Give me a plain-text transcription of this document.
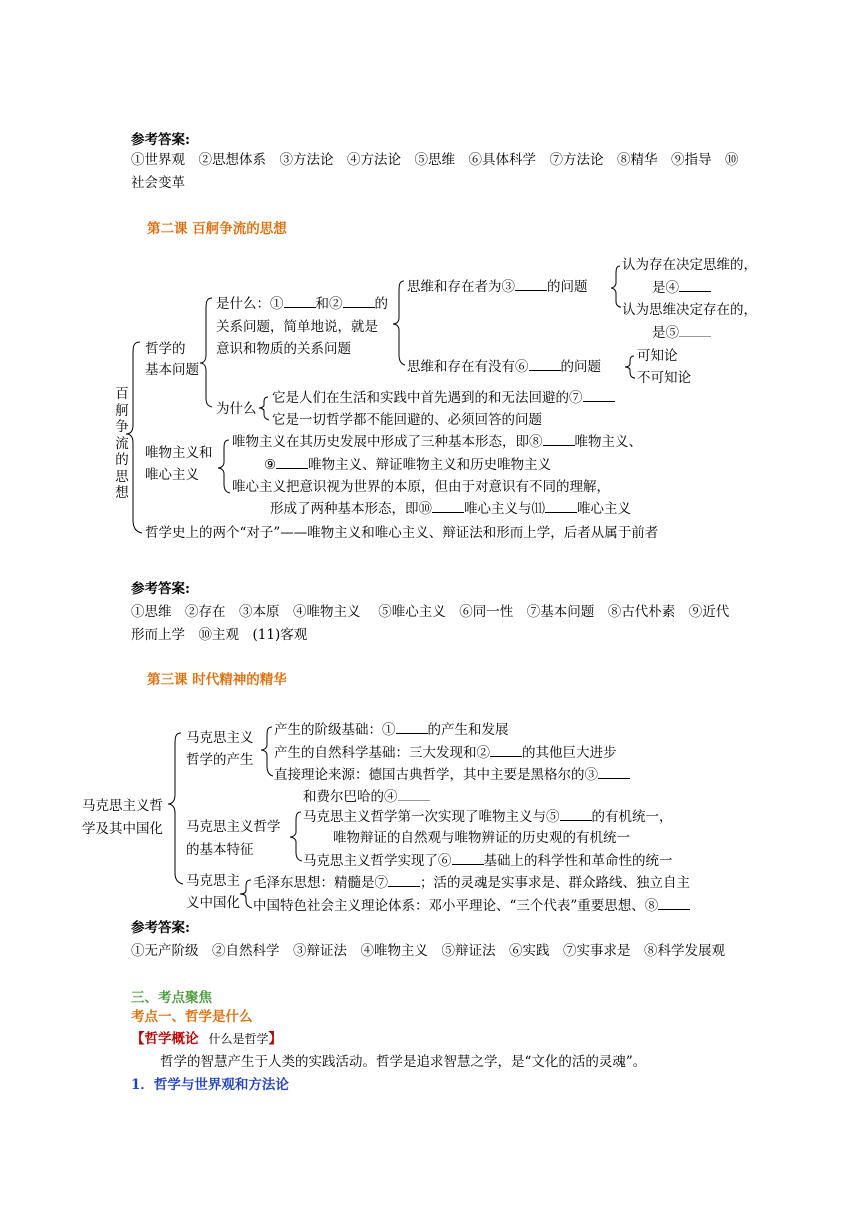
参考答案:
①世界观　②思想体系　③方法论　④方法论　⑤思维　⑥具体科学　⑦方法论　⑧精华　⑨指导　⑩
社会变革
第二课 百舸争流的思想
百舸争流的思想
哲学的
基本问题
是什么：① 和② 的
关系问题，简单地说，就是
意识和物质的关系问题
思维和存在者为③ 的问题
认为存在决定思维的，
是④
认为思维决定存在的，
是⑤
思维和存在有没有⑥ 的问题
可知论
不可知论
为什么
它是人们在生活和实践中首先遇到的和无法回避的⑦
它是一切哲学都不能回避的、必须回答的问题
唯物主义和
唯心主义
唯物主义在其历史发展中形成了三种基本形态，即⑧ 唯物主义、
⑨ 唯物主义、辩证唯物主义和历史唯物主义
唯心主义把意识视为世界的本原，但由于对意识有不同的理解，
形成了两种基本形态，即⑩ 唯心主义与⑾ 唯心主义
哲学史上的两个“对子”——唯物主义和唯心主义、辩证法和形而上学，后者从属于前者
参考答案:
①思维　②存在　③本原　④唯物主义　 ⑤唯心主义　⑥同一性　⑦基本问题　⑧古代朴素　⑨近代
形而上学　⑩主观　(11)客观
第三课 时代精神的精华
马克思主义哲
学及其中国化
马克思主义
哲学的产生
产生的阶级基础：① 的产生和发展
产生的自然科学基础：三大发现和② 的其他巨大进步
直接理论来源：德国古典哲学，其中主要是黑格尔的③
和费尔巴哈的④
马克思主义哲学
的基本特征
马克思主义哲学第一次实现了唯物主义与⑤ 的有机统一，
唯物辩证的自然观与唯物辨证的历史观的有机统一
马克思主义哲学实现了⑥ 基础上的科学性和革命性的统一
马克思主
义中国化
毛泽东思想：精髓是⑦ ；活的灵魂是实事求是、群众路线、独立自主
中国特色社会主义理论体系：邓小平理论、“三个代表”重要思想、⑧
参考答案:
①无产阶级　②自然科学　③辩证法　④唯物主义　⑤辩证法　⑥实践　⑦实事求是　⑧科学发展观
三、考点聚焦
考点一、哲学是什么
【哲学概论 什么是哲学】
哲学的智慧产生于人类的实践活动。哲学是追求智慧之学，是“文化的活的灵魂”。
1．哲学与世界观和方法论
